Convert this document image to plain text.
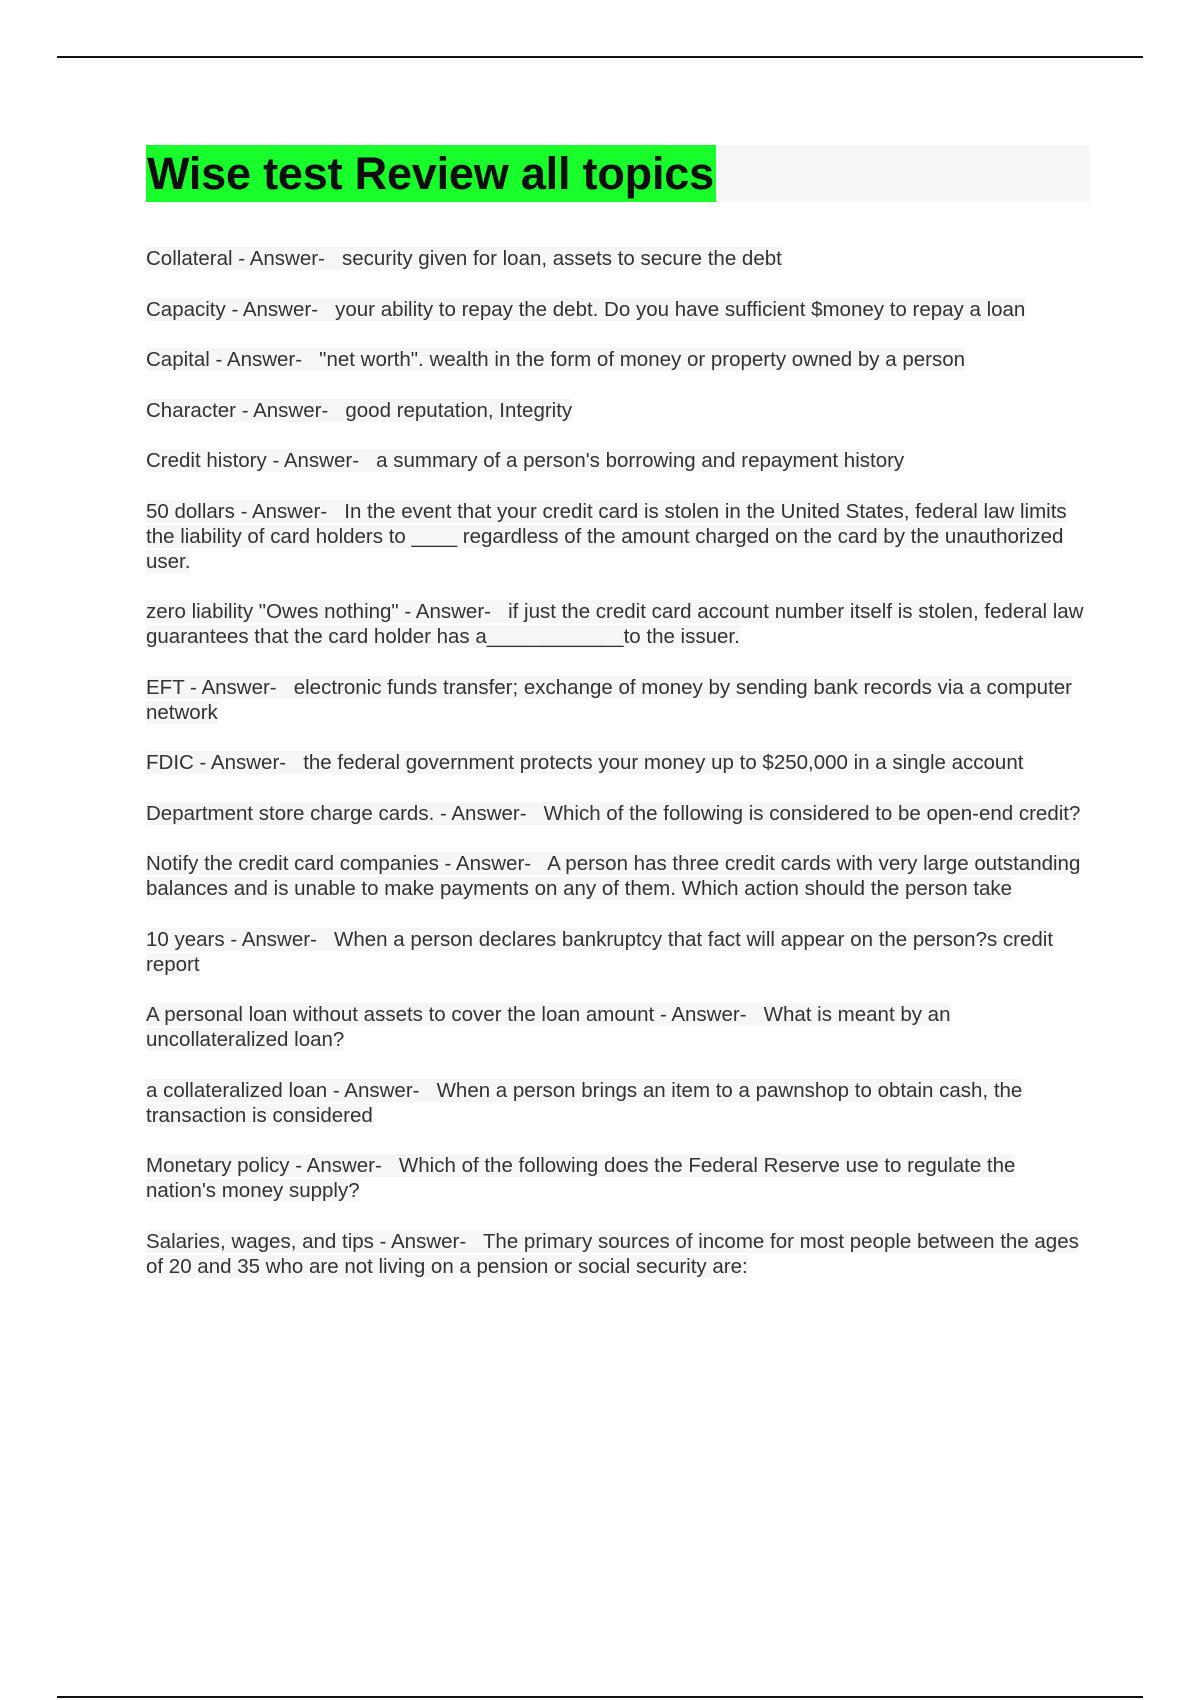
Wise test Review all topics
Collateral - Answer-   security given for loan, assets to secure the debt
Capacity - Answer-   your ability to repay the debt. Do you have sufficient $money to repay a loan
Capital - Answer-   "net worth". wealth in the form of money or property owned by a person
Character - Answer-   good reputation, Integrity
Credit history - Answer-   a summary of a person's borrowing and repayment history
50 dollars - Answer-   In the event that your credit card is stolen in the United States, federal law limits the liability of card holders to ____ regardless of the amount charged on the card by the unauthorized user.
zero liability "Owes nothing" - Answer-   if just the credit card account number itself is stolen, federal law guarantees that the card holder has a____________to the issuer.
EFT - Answer-   electronic funds transfer; exchange of money by sending bank records via a computer network
FDIC - Answer-   the federal government protects your money up to $250,000 in a single account
Department store charge cards. - Answer-   Which of the following is considered to be open-end credit?
Notify the credit card companies - Answer-   A person has three credit cards with very large outstanding balances and is unable to make payments on any of them. Which action should the person take
10 years - Answer-   When a person declares bankruptcy that fact will appear on the person?s credit report
A personal loan without assets to cover the loan amount - Answer-   What is meant by an uncollateralized loan?
a collateralized loan - Answer-   When a person brings an item to a pawnshop to obtain cash, the transaction is considered
Monetary policy - Answer-   Which of the following does the Federal Reserve use to regulate the nation's money supply?
Salaries, wages, and tips - Answer-   The primary sources of income for most people between the ages of 20 and 35 who are not living on a pension or social security are:
